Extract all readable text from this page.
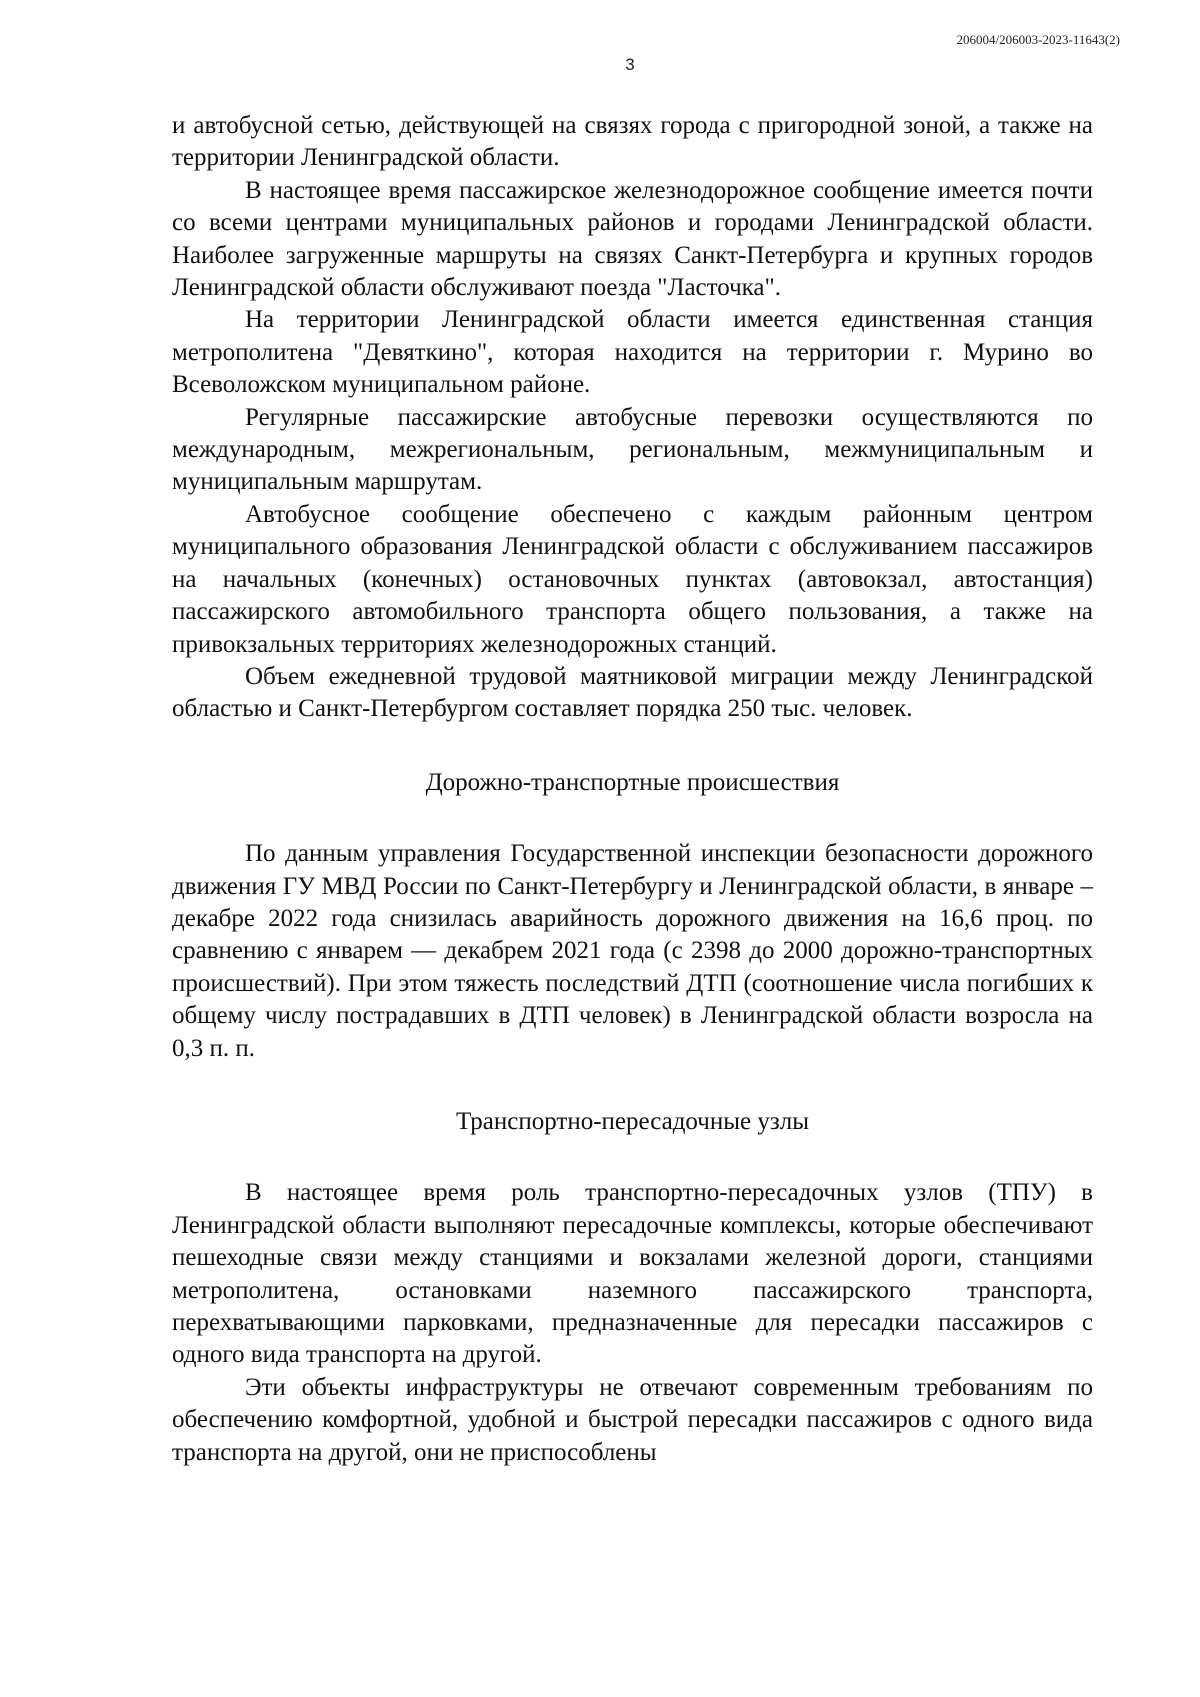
206004/206003-2023-11643(2)
3

и автобусной сетью, действующей на связях города с пригородной зоной, а также на территории Ленинградской области.

В настоящее время пассажирское железнодорожное сообщение имеется почти со всеми центрами муниципальных районов и городами Ленинградской области. Наиболее загруженные маршруты на связях Санкт-Петербурга и крупных городов Ленинградской области обслуживают поезда "Ласточка".

На территории Ленинградской области имеется единственная станция метрополитена "Девяткино", которая находится на территории г. Мурино во Всеволожском муниципальном районе.

Регулярные пассажирские автобусные перевозки осуществляются по международным, межрегиональным, региональным, межмуниципальным и муниципальным маршрутам.

Автобусное сообщение обеспечено с каждым районным центром муниципального образования Ленинградской области с обслуживанием пассажиров на начальных (конечных) остановочных пунктах (автовокзал, автостанция) пассажирского автомобильного транспорта общего пользования, а также на привокзальных территориях железнодорожных станций.

Объем ежедневной трудовой маятниковой миграции между Ленинградской областью и Санкт-Петербургом составляет порядка 250 тыс. человек.

Дорожно-транспортные происшествия

По данным управления Государственной инспекции безопасности дорожного движения ГУ МВД России по Санкт-Петербургу и Ленинградской области, в январе – декабре 2022 года снизилась аварийность дорожного движения на 16,6 проц. по сравнению с январем — декабрем 2021 года (с 2398 до 2000 дорожно-транспортных происшествий). При этом тяжесть последствий ДТП (соотношение числа погибших к общему числу пострадавших в ДТП человек) в Ленинградской области возросла на 0,3 п. п.

Транспортно-пересадочные узлы

В настоящее время роль транспортно-пересадочных узлов (ТПУ) в Ленинградской области выполняют пересадочные комплексы, которые обеспечивают пешеходные связи между станциями и вокзалами железной дороги, станциями метрополитена, остановками наземного пассажирского транспорта, перехватывающими парковками, предназначенные для пересадки пассажиров с одного вида транспорта на другой.

Эти объекты инфраструктуры не отвечают современным требованиям по обеспечению комфортной, удобной и быстрой пересадки пассажиров с одного вида транспорта на другой, они не приспособлены
